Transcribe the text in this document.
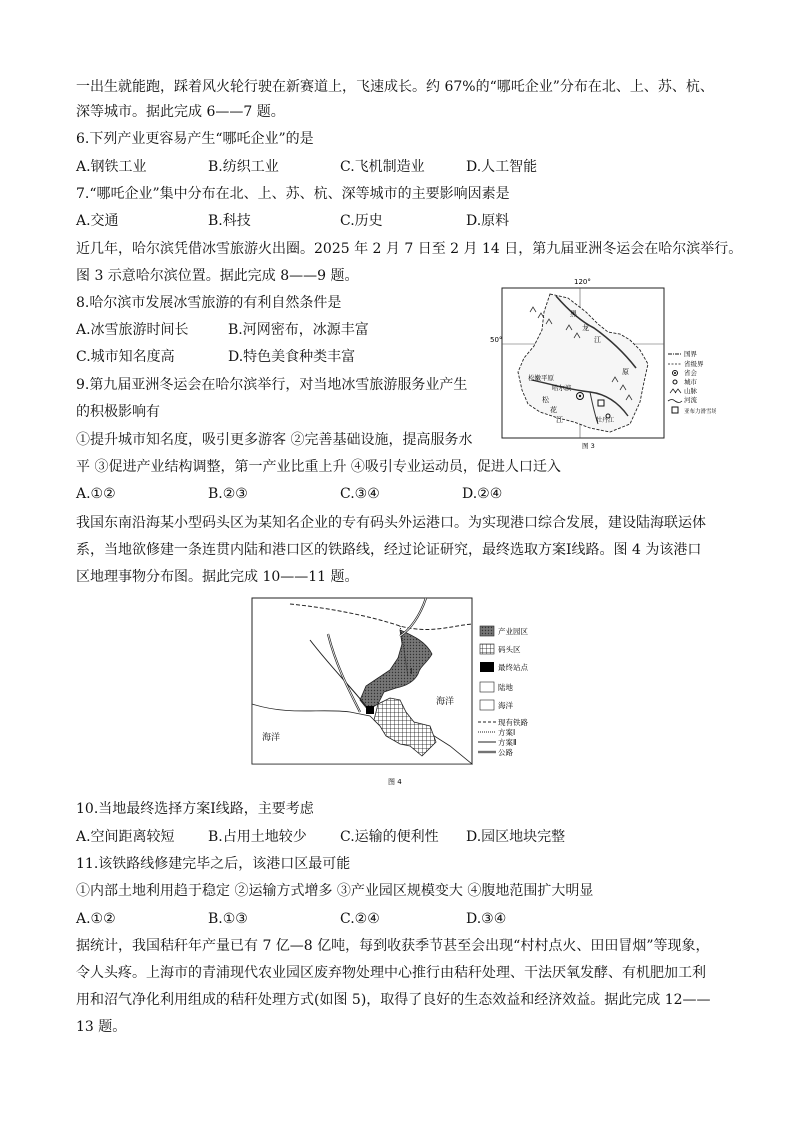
一出生就能跑，踩着风火轮行驶在新赛道上，飞速成长。约 67%的“哪吒企业”分布在北、上、苏、杭、
深等城市。据此完成 6——7 题。
6.下列产业更容易产生“哪吒企业”的是
A.钢铁工业	B.纺织工业	C.飞机制造业	D.人工智能
7.“哪吒企业”集中分布在北、上、苏、杭、深等城市的主要影响因素是
A.交通	B.科技	C.历史	D.原料
近几年，哈尔滨凭借冰雪旅游火出圈。2025 年 2 月 7 日至 2 月 14 日，第九届亚洲冬运会在哈尔滨举行。
图 3 示意哈尔滨位置。据此完成 8——9 题。
8.哈尔滨市发展冰雪旅游的有利自然条件是
A.冰雪旅游时间长	B.河网密布，冰源丰富
C.城市知名度高	D.特色美食种类丰富
9.第九届亚洲冬运会在哈尔滨举行，对当地冰雪旅游服务业产生
的积极影响有
①提升城市知名度，吸引更多游客 ②完善基础设施，提高服务水
平 ③促进产业结构调整，第一产业比重上升 ④吸引专业运动员，促进人口迁入
A.①②	B.②③	C.③④	D.②④
120°
50°
黑
龙
江
松嫩平原
哈尔滨
松
花
江	牡丹江
原
国界
省级界
省会
城市
山脉
河流
亚布力滑雪场
图 3
我国东南沿海某小型码头区为某知名企业的专有码头外运港口。为实现港口综合发展，建设陆海联运体
系，当地欲修建一条连贯内陆和港口区的铁路线，经过论证研究，最终选取方案Ⅰ线路。图 4 为该港口
区地理事物分布图。据此完成 10——11 题。
Ⅰ
海洋
海洋
产业园区
码头区
最终站点
陆地
海洋
现有铁路
方案Ⅰ
方案Ⅱ
公路
图 4
10.当地最终选择方案Ⅰ线路，主要考虑
A.空间距离较短 B.占用土地较少 C.运输的便利性 D.园区地块完整
11.该铁路线修建完毕之后，该港口区最可能
①内部土地利用趋于稳定 ②运输方式增多 ③产业园区规模变大 ④腹地范围扩大明显
A.①②	B.①③	C.②④	D.③④
据统计，我国秸秆年产量已有 7 亿—8 亿吨，每到收获季节甚至会出现“村村点火、田田冒烟”等现象，
令人头疼。上海市的青浦现代农业园区废弃物处理中心推行由秸秆处理、干法厌氧发酵、有机肥加工利
用和沼气净化利用组成的秸秆处理方式(如图 5)，取得了良好的生态效益和经济效益。据此完成 12——
13 题。
